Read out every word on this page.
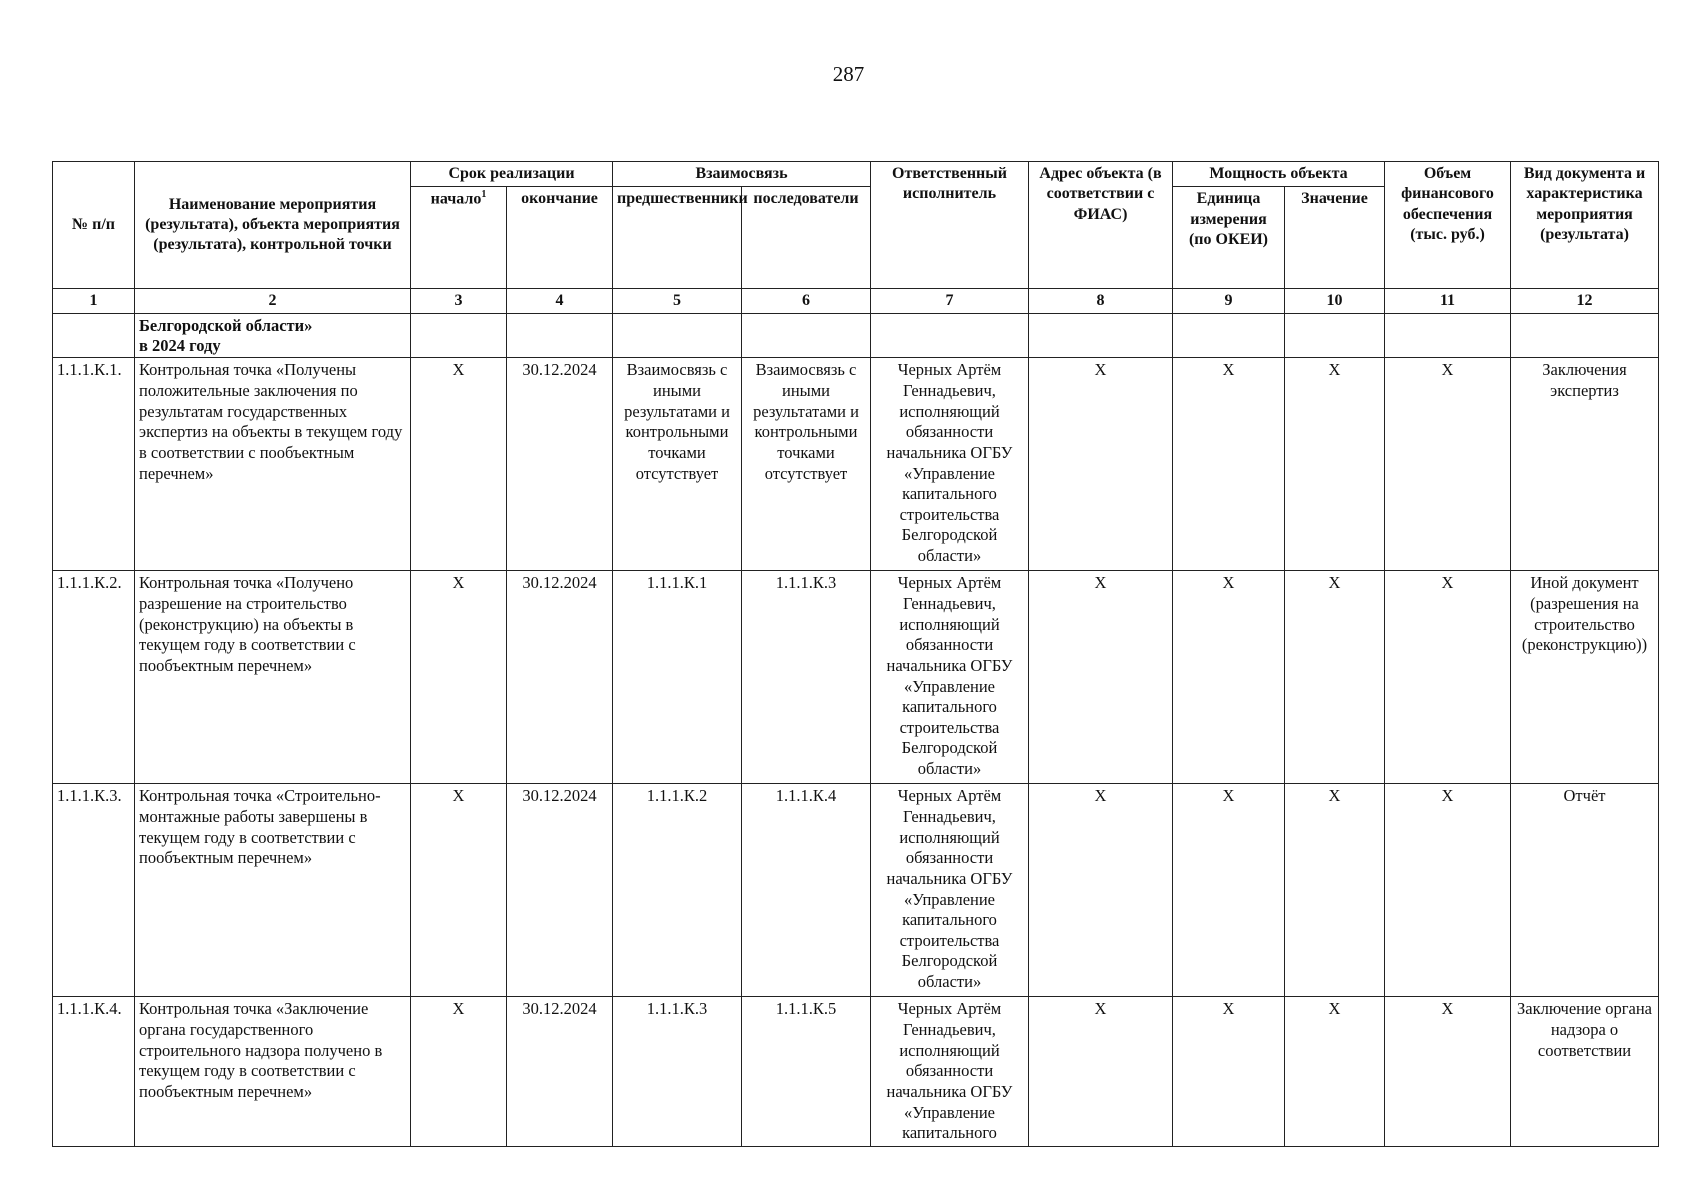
287
№ п/п	Наименование мероприятия (результата), объекта мероприятия (результата), контрольной точки	Срок реализации		Взаимосвязь		Ответственный исполнитель	Адрес объекта (в соответствии с ФИАС)	Мощность объекта		Объем финансового обеспечения (тыс. руб.)	Вид документа и характеристика мероприятия (результата)
		начало$^1$	окончание	предшественники	последователи			Единица измерения (по ОКЕИ)	Значение		
1	2	3	4	5	6	7	8	9	10	11	12

	Белгородской области»
в 2024 году										

1.1.1.К.1.	Контрольная точка «Получены положительные заключения по результатам государственных экспертиз на объекты в текущем году в соответствии с пообъектным перечнем»	X	30.12.2024	Взаимосвязь с иными результатами и контрольными точками отсутствует	Взаимосвязь с иными результатами и контрольными точками отсутствует	Черных Артём Геннадьевич, исполняющий обязанности начальника ОГБУ «Управление капитального строительства Белгородской области»	X	X	X	X	Заключения экспертиз
1.1.1.К.2.	Контрольная точка «Получено разрешение на строительство (реконструкцию) на объекты в текущем году в соответствии с пообъектным перечнем»	X	30.12.2024	1.1.1.К.1	1.1.1.К.3	Черных Артём Геннадьевич, исполняющий обязанности начальника ОГБУ «Управление капитального строительства Белгородской области»	X	X	X	X	Иной документ (разрешения на строительство (реконструкцию))
1.1.1.К.3.	Контрольная точка «Строительно-монтажные работы завершены в текущем году в соответствии с пообъектным перечнем»	X	30.12.2024	1.1.1.К.2	1.1.1.К.4	Черных Артём Геннадьевич, исполняющий обязанности начальника ОГБУ «Управление капитального строительства Белгородской области»	X	X	X	X	Отчёт
1.1.1.К.4.	Контрольная точка «Заключение органа государственного строительного надзора получено в текущем году в соответствии с пообъектным перечнем»	X	30.12.2024	1.1.1.К.3	1.1.1.К.5	Черных Артём Геннадьевич, исполняющий обязанности начальника ОГБУ «Управление капитального	X	X	X	X	Заключение органа надзора о соответствии
